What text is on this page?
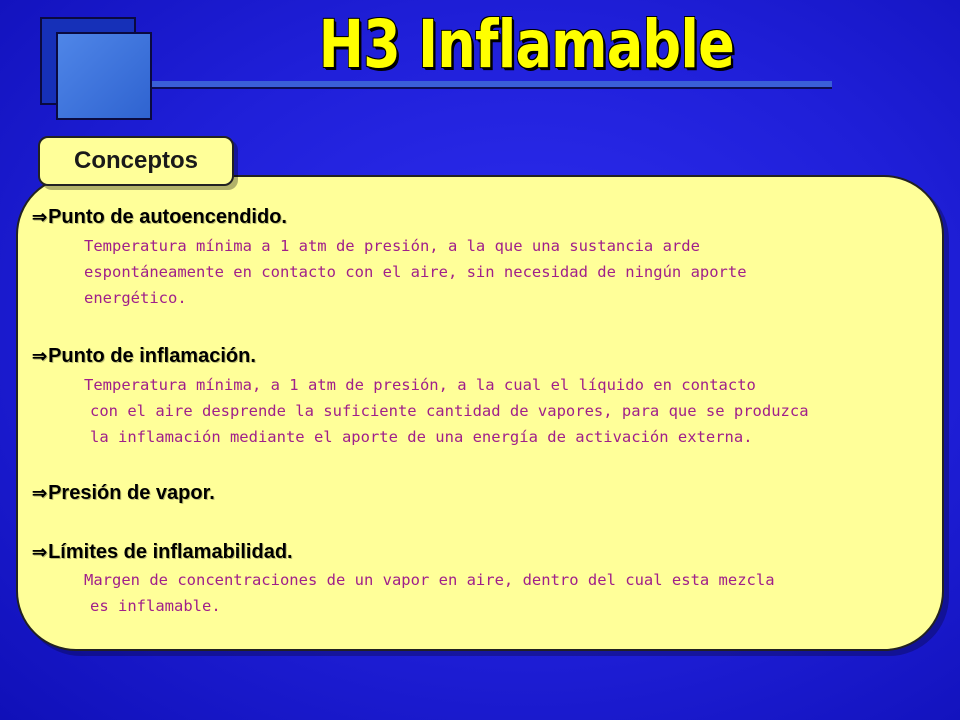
H3 Inflamable
Conceptos
⇒ Punto de autoencendido.
Temperatura mínima a 1 atm de presión, a la que una sustancia arde
espontáneamente en contacto con el aire, sin necesidad de ningún aporte
energético.
⇒ Punto de inflamación.
Temperatura mínima, a 1 atm de presión, a la cual el líquido en contacto
con el aire desprende la suficiente cantidad de vapores, para que se produzca
la inflamación mediante el aporte de una energía de activación externa.
⇒ Presión de vapor.
⇒ Límites de inflamabilidad.
Margen de concentraciones de un vapor en aire, dentro del cual esta mezcla
es inflamable.
